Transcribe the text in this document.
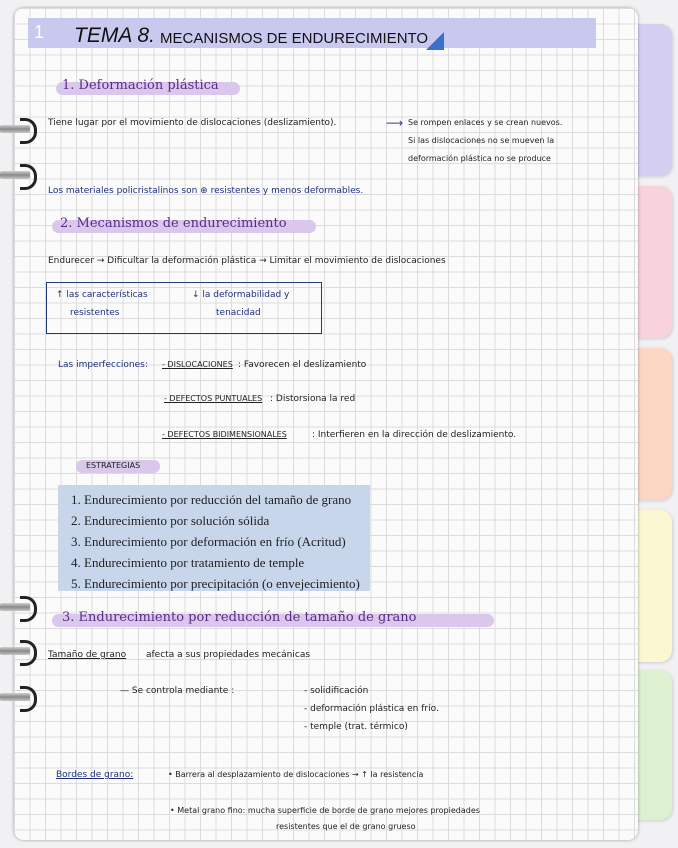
1 TEMA 8. MECANISMOS DE ENDURECIMIENTO
1. Deformación plástica
Tiene lugar por el movimiento de dislocaciones (deslizamiento).	⟶ Se rompen enlaces y se crean nuevos.
Si las dislocaciones no se mueven la
deformación plástica no se produce
Los materiales policristalinos son ⊕ resistentes y menos deformables.
2. Mecanismos de endurecimiento
Endurecer → Dificultar la deformación plástica → Limitar el movimiento de dislocaciones
↑ las características
resistentes
↓ la deformabilidad y
tenacidad
Las imperfecciones: - DISLOCACIONES : Favorecen el deslizamiento
- DEFECTOS PUNTUALES : Distorsiona la red
- DEFECTOS BIDIMENSIONALES	: Interfieren en la dirección de deslizamiento.
ESTRATEGIAS
1. Endurecimiento por reducción del tamaño de grano
2. Endurecimiento por solución sólida
3. Endurecimiento por deformación en frío (Acritud)
4. Endurecimiento por tratamiento de temple
5. Endurecimiento por precipitación (o envejecimiento)
3. Endurecimiento por reducción de tamaño de grano
Tamaño de grano afecta a sus propiedades mecánicas
— Se controla mediante :	- solidificación
- deformación plástica en frío.
- temple (trat. térmico)
Bordes de grano:	• Barrera al desplazamiento de dislocaciones → ↑ la resistencia
• Metal grano fino: mucha superficie de borde de grano mejores propiedades
resistentes que el de grano grueso
